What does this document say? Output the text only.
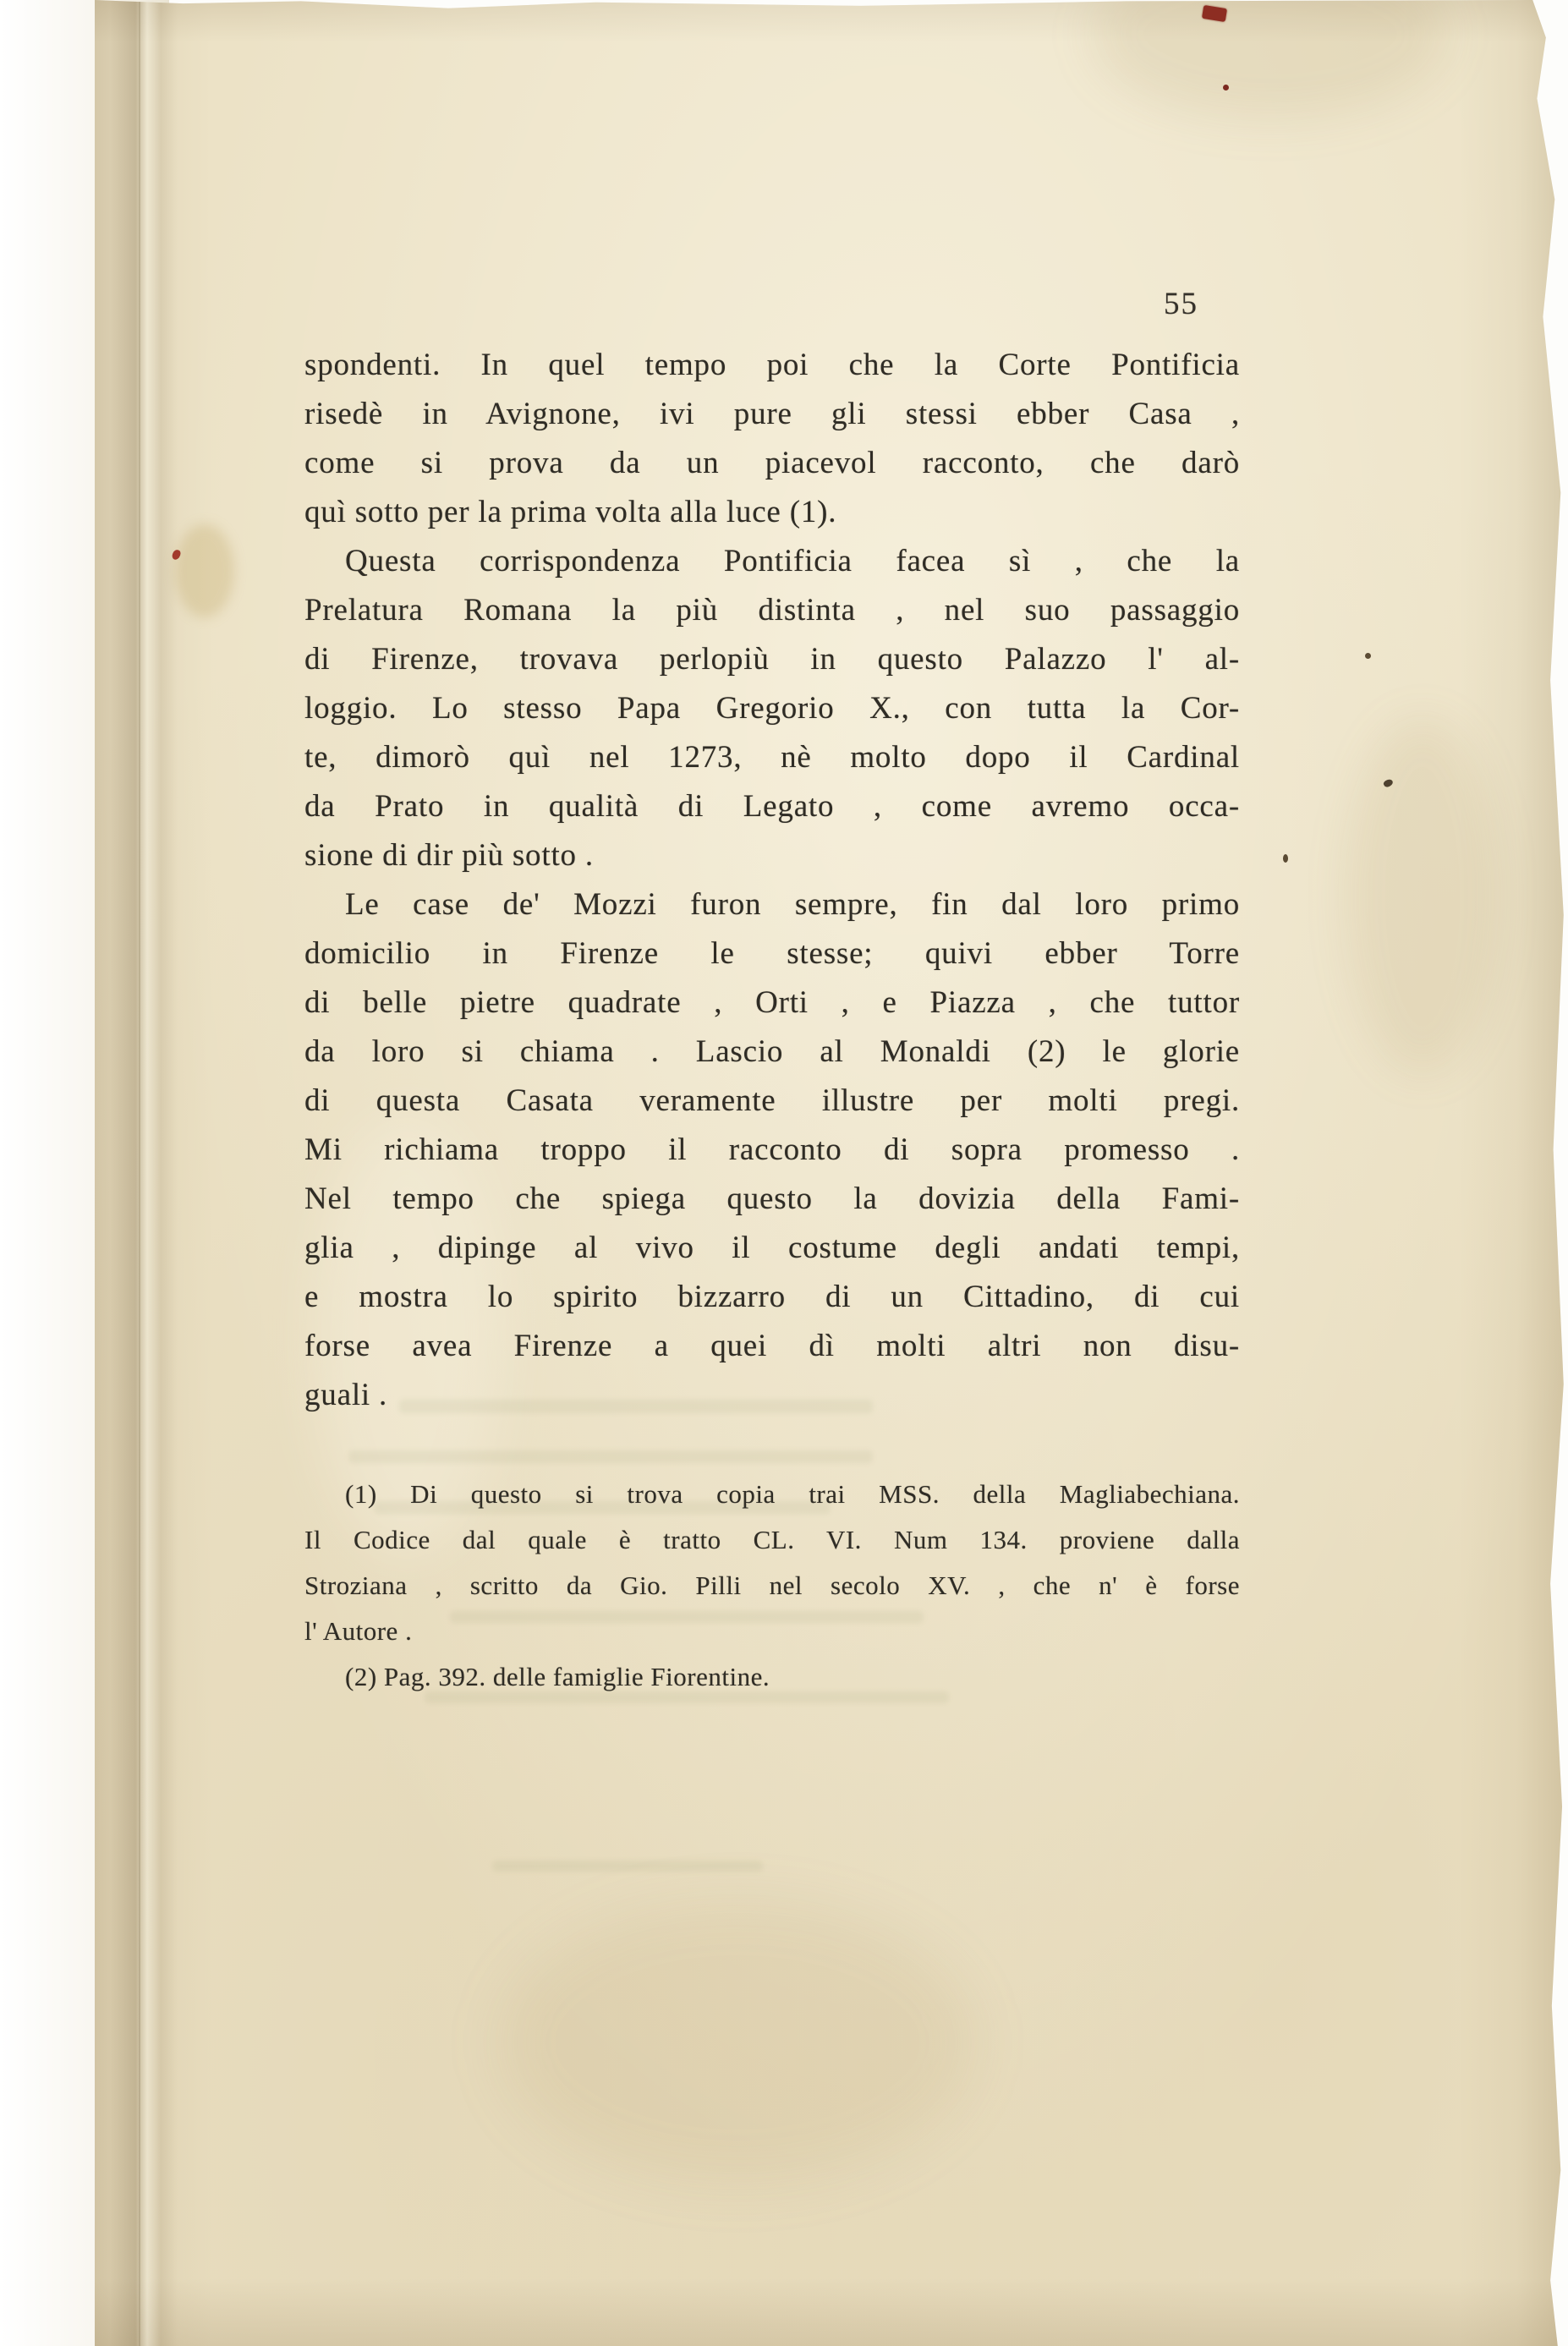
55
spondenti. In quel tempo poi che la Corte Pontificia
risedè in Avignone, ivi pure gli stessi ebber Casa ,
come si prova da un piacevol racconto, che darò
quì sotto per la prima volta alla luce (1).
Questa corrispondenza Pontificia facea sì , che la
Prelatura Romana la più distinta , nel suo passaggio
di Firenze, trovava perlopiù in questo Palazzo l' al-
loggio. Lo stesso Papa Gregorio X., con tutta la Cor-
te, dimorò quì nel 1273, nè molto dopo il Cardinal
da Prato in qualità di Legato , come avremo occa-
sione di dir più sotto .
Le case de' Mozzi furon sempre, fin dal loro primo
domicilio in Firenze le stesse; quivi ebber Torre
di belle pietre quadrate , Orti , e Piazza , che tuttor
da loro si chiama . Lascio al Monaldi (2) le glorie
di questa Casata veramente illustre per molti pregi.
Mi richiama troppo il racconto di sopra promesso .
Nel tempo che spiega questo la dovizia della Fami-
glia , dipinge al vivo il costume degli andati tempi,
e mostra lo spirito bizzarro di un Cittadino, di cui
forse avea Firenze a quei dì molti altri non disu-
guali .
(1) Di questo si trova copia trai MSS. della Magliabechiana.
Il Codice dal quale è tratto CL. VI. Num 134. proviene dalla
Stroziana , scritto da Gio. Pilli nel secolo XV. , che n' è forse
l' Autore .
(2) Pag. 392. delle famiglie Fiorentine.
